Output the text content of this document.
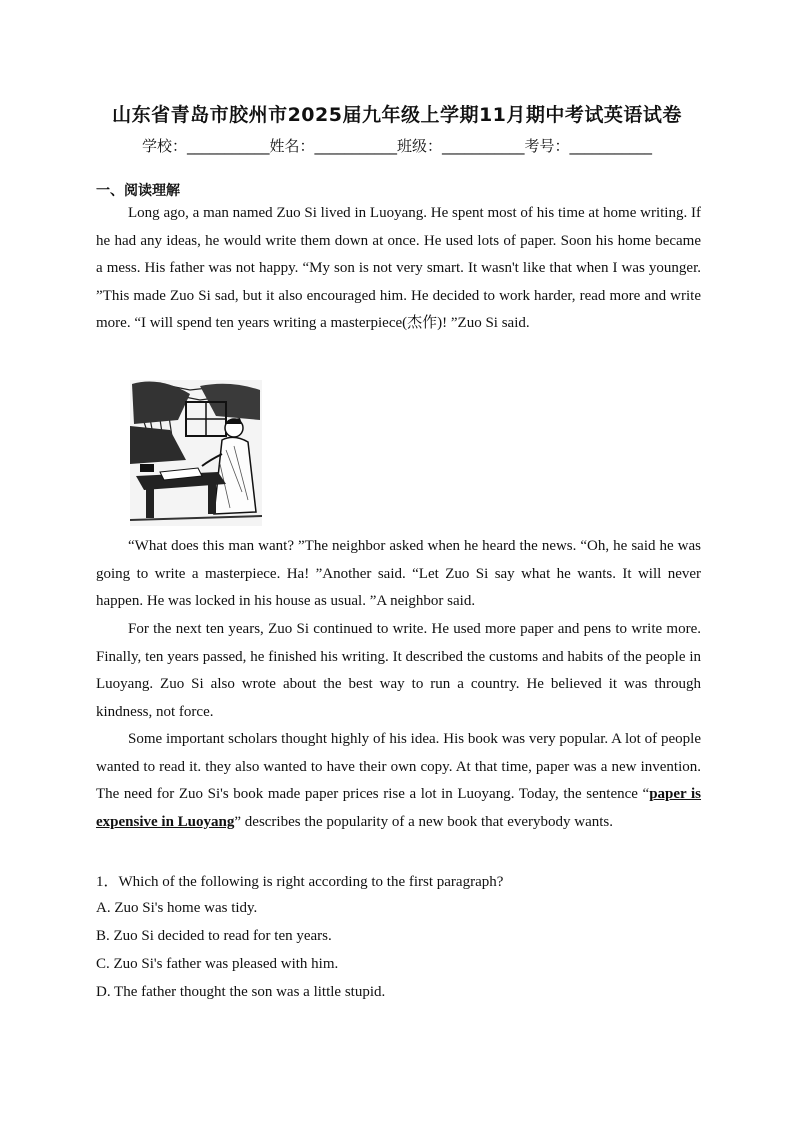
山东省青岛市胶州市2025届九年级上学期11月期中考试英语试卷
学校：___________姓名：___________班级：___________考号：___________
一、阅读理解

Long ago, a man named Zuo Si lived in Luoyang. He spent most of his time at home writing. If he had any ideas, he would write them down at once. He used lots of paper. Soon his home became a mess. His father was not happy. “My son is not very smart. It wasn't like that when I was younger. ”This made Zuo Si sad, but it also encouraged him. He decided to work harder, read more and write more. “I will spend ten years writing a masterpiece(杰作)! ”Zuo Si said.

“What does this man want? ”The neighbor asked when he heard the news. “Oh, he said he was going to write a masterpiece. Ha! ”Another said. “Let Zuo Si say what he wants. It will never happen. He was locked in his house as usual. ”A neighbor said.

For the next ten years, Zuo Si continued to write. He used more paper and pens to write more. Finally, ten years passed, he finished his writing. It described the customs and habits of the people in Luoyang. Zuo Si also wrote about the best way to run a country. He believed it was through kindness, not force.

Some important scholars thought highly of his idea. His book was very popular. A lot of people wanted to read it. they also wanted to have their own copy. At that time, paper was a new invention. The need for Zuo Si's book made paper prices rise a lot in Luoyang. Today, the sentence “paper is expensive in Luoyang” describes the popularity of a new book that everybody wants.

1．Which of the following is right according to the first paragraph?

A. Zuo Si's home was tidy.

B. Zuo Si decided to read for ten years.

C. Zuo Si's father was pleased with him.

D. The father thought the son was a little stupid.
